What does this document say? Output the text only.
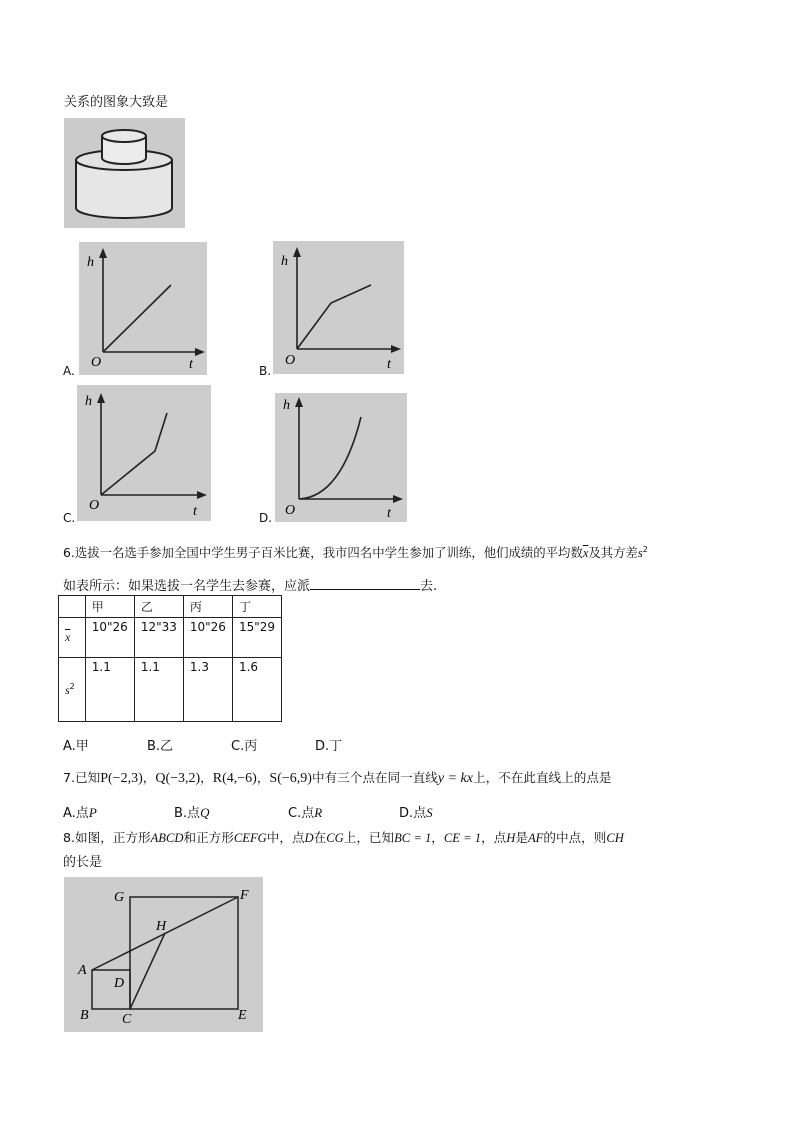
关系的图象大致是
A.
h
O	t	B.
h
O	t
C.
h
O	t	D.
h
O	t
6.选拔一名选手参加全国中学生男子百米比赛，我市四名中学生参加了训练，他们成绩的平均数$\overline{x}$及其方差$s^2$
如表所示：如果选拔一名学生去参赛，应派	去.
	甲	乙	丙	丁
$\overline{x}$	10"26	12"33	10"26	15"29
$s^2$	1.1	1.1	1.3	1.6
A.甲	B.乙	C.丙	D.丁
7.已知P(−2,3)，Q(−3,2)，R(4,−6)，S(−6,9)中有三个点在同一直线y = kx上，不在此直线上的点是
A.点P	B.点Q	C.点R	D.点S
8.如图，正方形ABCD和正方形CEFG中，点D在CG上，已知BC = 1，CE = 1，点H是AF的中点，则CH
的长是
G	F
H
A
D
B C	E
